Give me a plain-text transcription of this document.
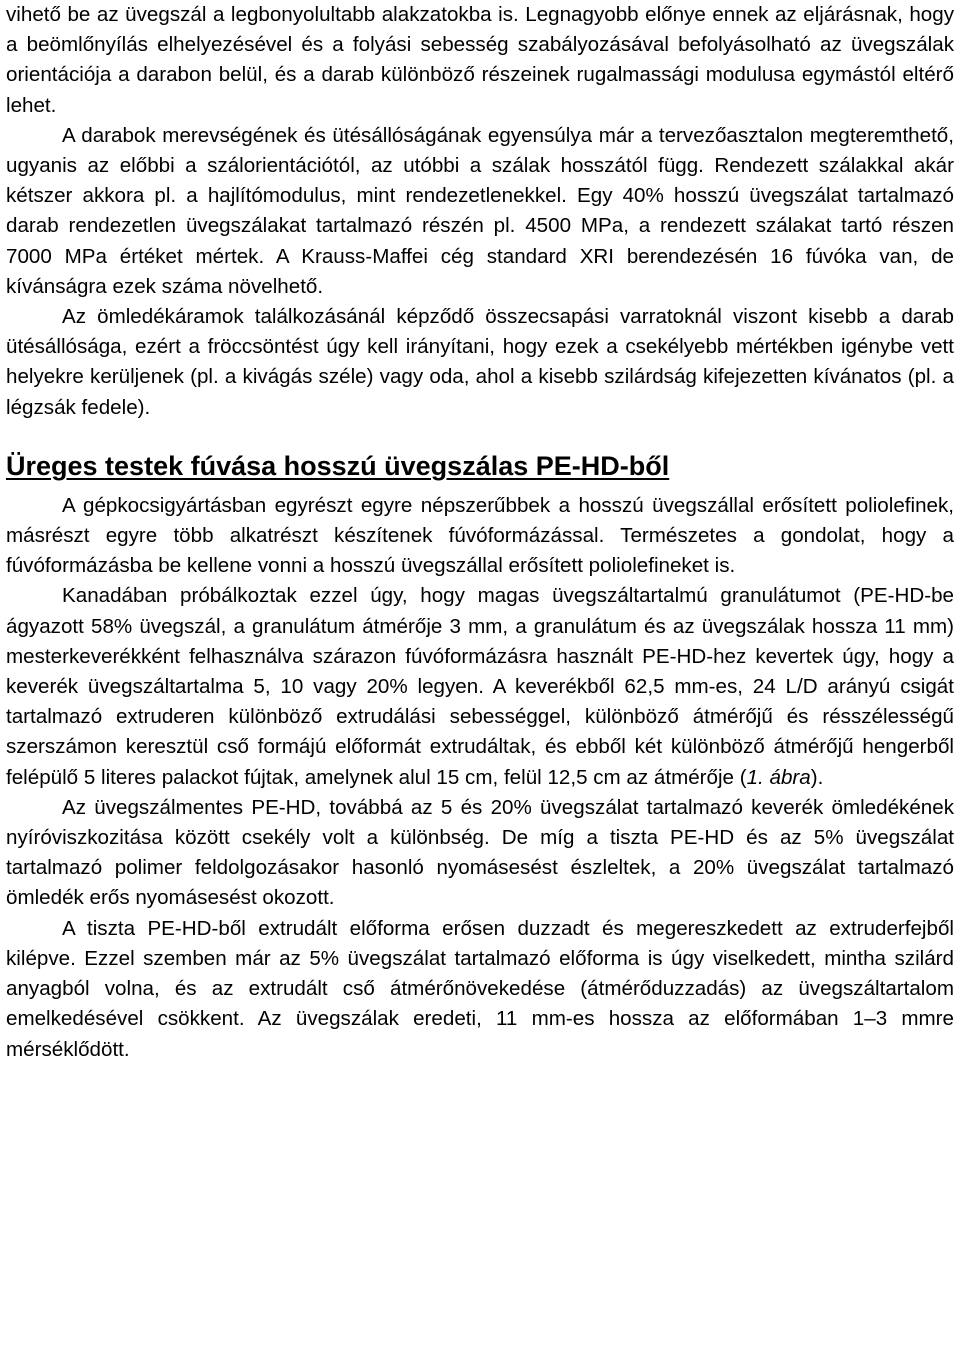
vihető be az üvegszál a legbonyolultabb alakzatokba is. Legnagyobb előnye ennek az eljárásnak, hogy a beömlőnyílás elhelyezésével és a folyási sebesség szabályozásával befolyásolható az üvegszálak orientációja a darabon belül, és a darab különböző részeinek rugalmassági modulusa egymástól eltérő lehet.

A darabok merevségének és ütésállóságának egyensúlya már a tervezőasztalon megteremthető, ugyanis az előbbi a szálorientációtól, az utóbbi a szálak hosszától függ. Rendezett szálakkal akár kétszer akkora pl. a hajlítómodulus, mint rendezetlenekkel. Egy 40% hosszú üvegszálat tartalmazó darab rendezetlen üvegszálakat tartalmazó részén pl. 4500 MPa, a rendezett szálakat tartó részen 7000 MPa értéket mértek. A Krauss-Maffei cég standard XRI berendezésén 16 fúvóka van, de kívánságra ezek száma növelhető.

Az ömledékáramok találkozásánál képződő összecsapási varratoknál viszont kisebb a darab ütésállósága, ezért a fröccsöntést úgy kell irányítani, hogy ezek a csekélyebb mértékben igénybe vett helyekre kerüljenek (pl. a kivágás széle) vagy oda, ahol a kisebb szilárdság kifejezetten kívánatos (pl. a légzsák fedele).

Üreges testek fúvása hosszú üvegszálas PE-HD-ből

A gépkocsigyártásban egyrészt egyre népszerűbbek a hosszú üvegszállal erősített poliolefinek, másrészt egyre több alkatrészt készítenek fúvóformázással. Természetes a gondolat, hogy a fúvóformázásba be kellene vonni a hosszú üvegszállal erősített poliolefineket is.

Kanadában próbálkoztak ezzel úgy, hogy magas üvegszáltartalmú granulátumot (PE-HD-be ágyazott 58% üvegszál, a granulátum átmérője 3 mm, a granulátum és az üvegszálak hossza 11 mm) mesterkeverékként felhasználva szárazon fúvóformázásra használt PE-HD-hez kevertek úgy, hogy a keverék üvegszáltartalma 5, 10 vagy 20% legyen. A keverékből 62,5 mm-es, 24 L/D arányú csigát tartalmazó extruderen különböző extrudálási sebességgel, különböző átmérőjű és résszélességű szerszámon keresztül cső formájú előformát extrudáltak, és ebből két különböző átmérőjű hengerből felépülő 5 literes palackot fújtak, amelynek alul 15 cm, felül 12,5 cm az átmérője (1. ábra).

Az üvegszálmentes PE-HD, továbbá az 5 és 20% üvegszálat tartalmazó keverék ömledékének nyíróviszkozitása között csekély volt a különbség. De míg a tiszta PE-HD és az 5% üvegszálat tartalmazó polimer feldolgozásakor hasonló nyomásesést észleltek, a 20% üvegszálat tartalmazó ömledék erős nyomásesést okozott.

A tiszta PE-HD-ből extrudált előforma erősen duzzadt és megereszkedett az extruderfejből kilépve. Ezzel szemben már az 5% üvegszálat tartalmazó előforma is úgy viselkedett, mintha szilárd anyagból volna, és az extrudált cső átmérőnövekedése (átmérőduzzadás) az üvegszáltartalom emelkedésével csökkent. Az üvegszálak eredeti, 11 mm-es hossza az előformában 1–3 mmre mérséklődött.
